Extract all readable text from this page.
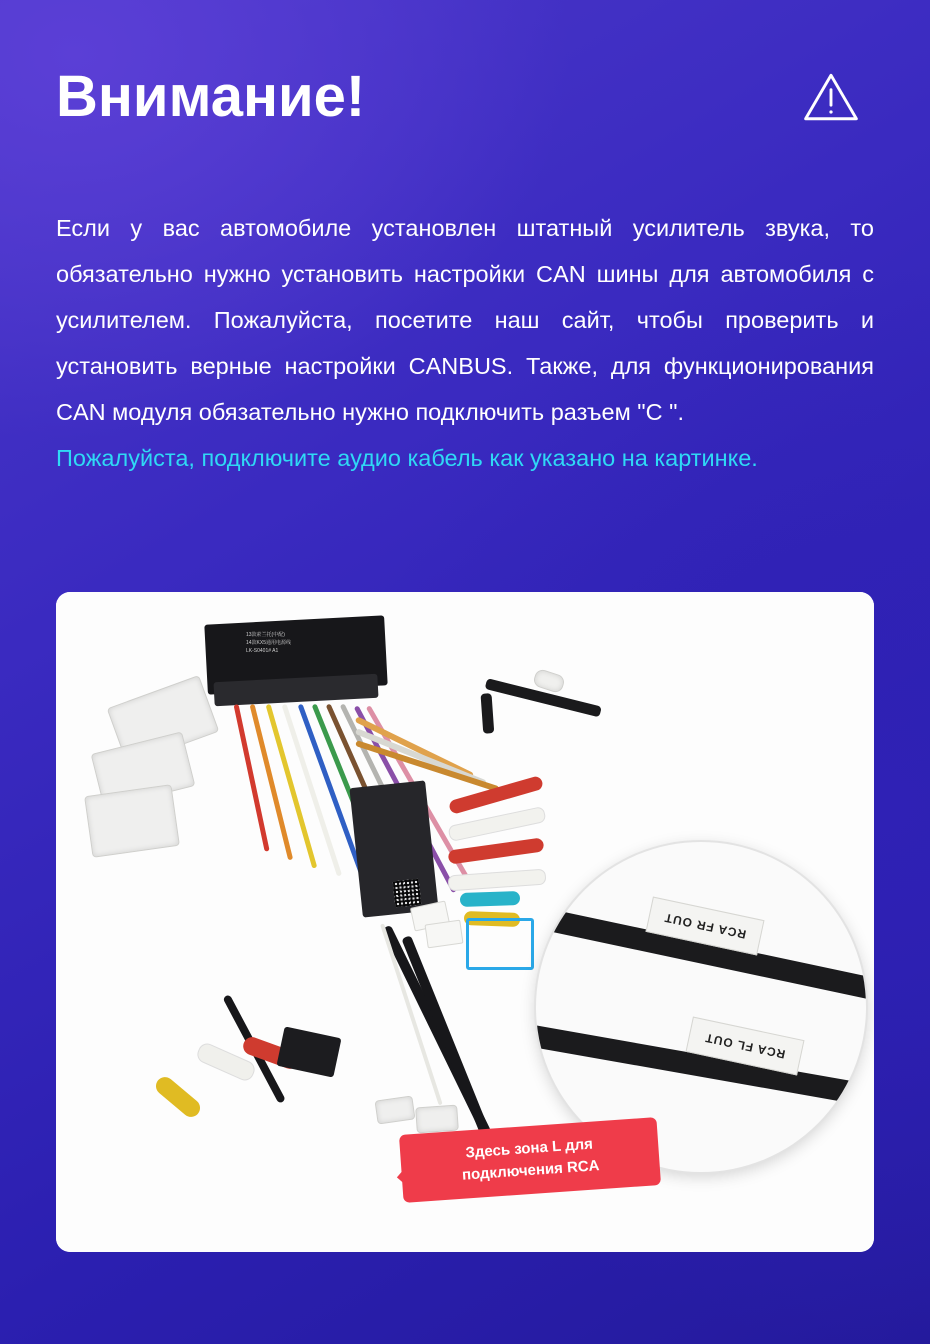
Внимание!

Если у вас автомобиле установлен штатный усилитель звука, то обязательно нужно установить настройки CAN шины для автомобиля с усилителем. Пожалуйста, посетите наш сайт, чтобы проверить и установить верные настройки CANBUS. Также, для функционирования CAN модуля обязательно нужно подключить разъем "C ".

Пожалуйста, подключите аудио кабель как указано на картинке.

13款索兰托(中配)
14款KX5通用电源线
LK-S0401# A1
RCA FR OUT
RCA FL OUT
Здесь зона L для подключения RCA
